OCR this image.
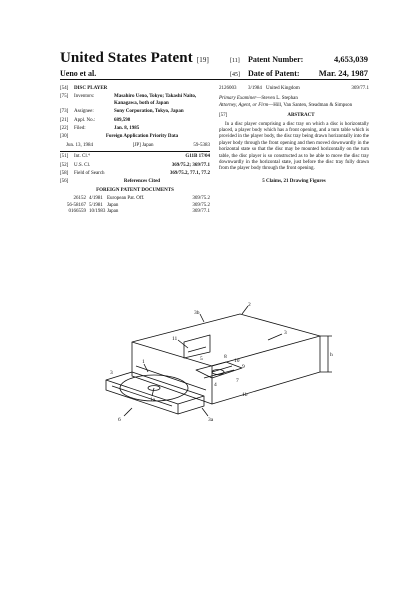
United States Patent [19]
Ueno et al.
[11]	Patent Number:	4,653,039
[45]	Date of Patent:	Mar. 24, 1987
[54]	DISC PLAYER
[75]	Inventors:	Masahiro Ueno, Tokyo; Takashi Naito, Kanagawa, both of Japan
[73]	Assignee:	Sony Corporation, Tokyo, Japan
[21]	Appl. No.:	689,598
[22]	Filed:	Jan. 8, 1985
[30]	Foreign Application Priority Data
Jun. 13, 1984	[JP] Japan	59-5383
[51]	Int. Cl.⁴	G11B 17/04
[52]	U.S. Cl.	369/75.2; 369/77.1
[58]	Field of Search	369/75.2, 77.1, 77.2
[56]	References Cited
FOREIGN PATENT DOCUMENTS
26152 4/1981 European Pat. Off.	369/75.2
56-58167 5/1981 Japan	369/75.2
0166559 10/1983 Japan	369/77.1
2126003	3/1984 United Kingdom	369/77.1
Primary Examiner—Steven L. Stephan
Attorney, Agent, or Firm—Hill, Van Santen, Steadman & Simpson
[57]	ABSTRACT
In a disc player comprising a disc tray on which a disc is horizontally placed, a player body which has a front opening, and a turn table which is provided in the player body, the disc tray being drawn horizontally into the player body through the front opening and then moved downwardly in the horizontal state so that the disc may be mounted horizontally on the turn table, the disc player is so constructed as to be able to move the disc tray downwardly in the horizontal state, just before the disc tray fully drawn from the player body through the front opening.
5 Claims, 21 Drawing Figures
2
3b
3
11
1	5	8
10
9
7
4
3
1a
6	3a
h
1b
